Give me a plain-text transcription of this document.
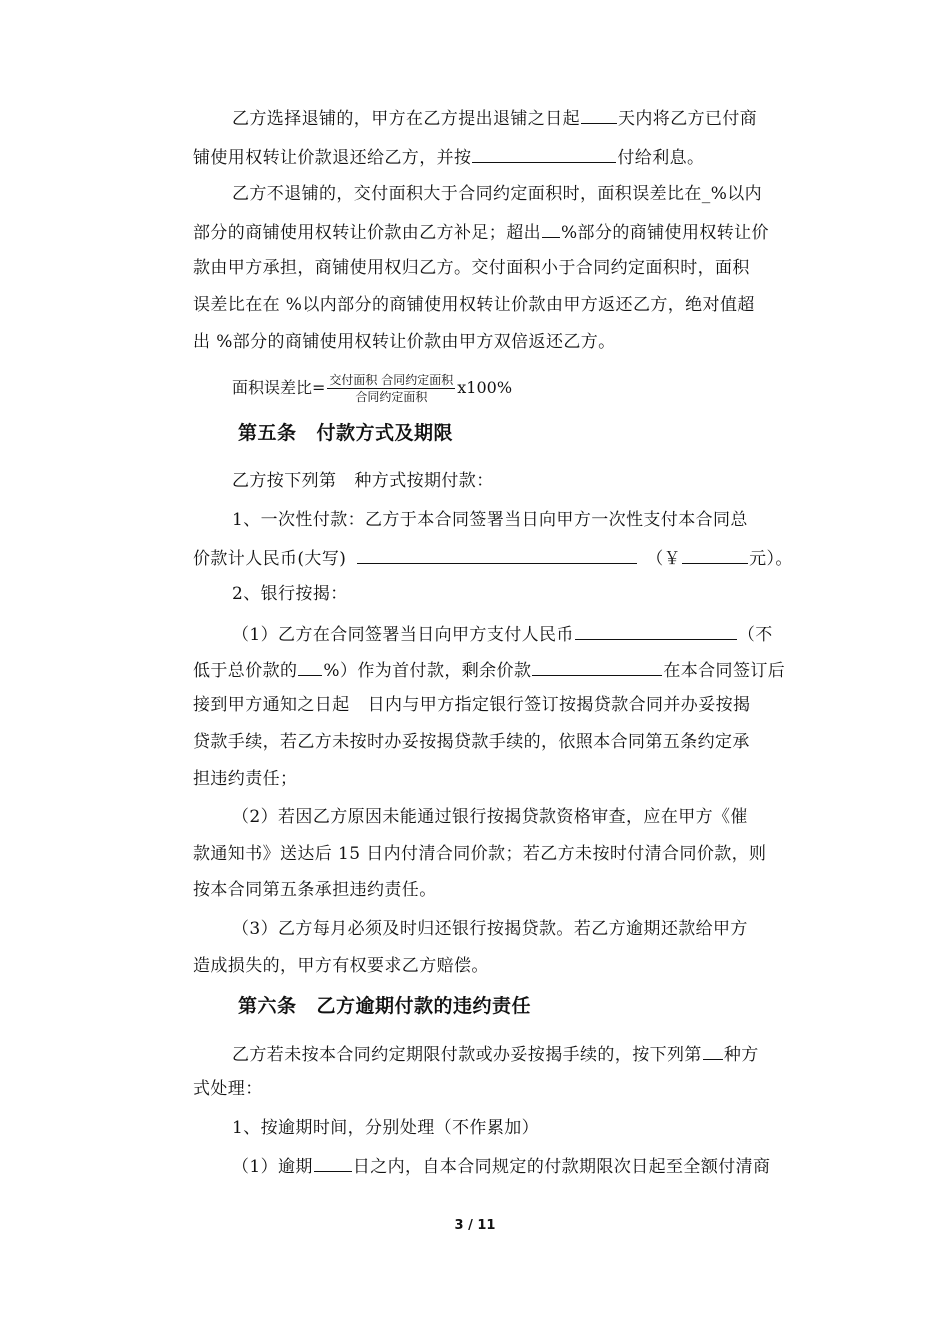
乙方选择退铺的，甲方在乙方提出退铺之日起 天内将乙方已付商
铺使用权转让价款退还给乙方，并按	付给利息。
乙方不退铺的，交付面积大于合同约定面积时，面积误差比在_%以内
部分的商铺使用权转让价款由乙方补足；超出 %部分的商铺使用权转让价
款由甲方承担，商铺使用权归乙方。交付面积小于合同约定面积时，面积
误差比在在 %以内部分的商铺使用权转让价款由甲方返还乙方，绝对值超
出 %部分的商铺使用权转让价款由甲方双倍返还乙方。
面积误差比= $\frac{\text{交付面积 合同约定面积}}{\text{合同约定面积}} x100\%$
第五条 付款方式及期限
乙方按下列第 种方式按期付款：
1、一次性付款：乙方于本合同签署当日向甲方一次性支付本合同总
价款计人民币(大写)	（￥	元）。
2、银行按揭：
（1）乙方在合同签署当日向甲方支付人民币	（不
低于总价款的 %）作为首付款，剩余价款	在本合同签订后
接到甲方通知之日起 日内与甲方指定银行签订按揭贷款合同并办妥按揭
贷款手续，若乙方未按时办妥按揭贷款手续的，依照本合同第五条约定承
担违约责任；
（2）若因乙方原因未能通过银行按揭贷款资格审查，应在甲方《催
款通知书》送达后 15 日内付清合同价款；若乙方未按时付清合同价款，则
按本合同第五条承担违约责任。
（3）乙方每月必须及时归还银行按揭贷款。若乙方逾期还款给甲方
造成损失的，甲方有权要求乙方赔偿。
第六条 乙方逾期付款的违约责任
乙方若未按本合同约定期限付款或办妥按揭手续的，按下列第 种方
式处理：
1、按逾期时间，分别处理（不作累加）
（1）逾期 日之内，自本合同规定的付款期限次日起至全额付清商
3 / 11
